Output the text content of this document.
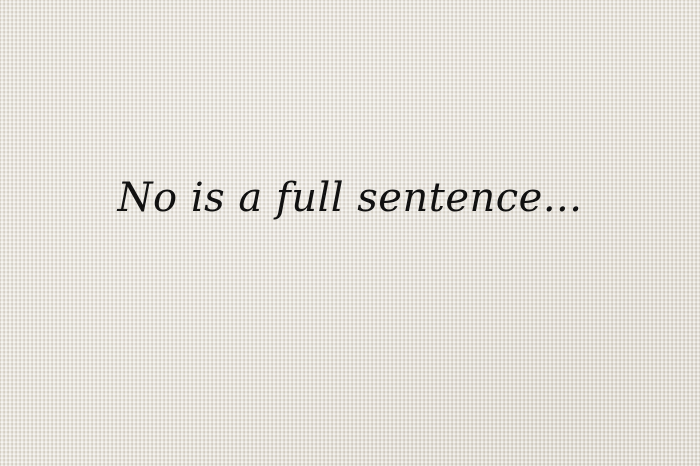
No is a full sentence...
